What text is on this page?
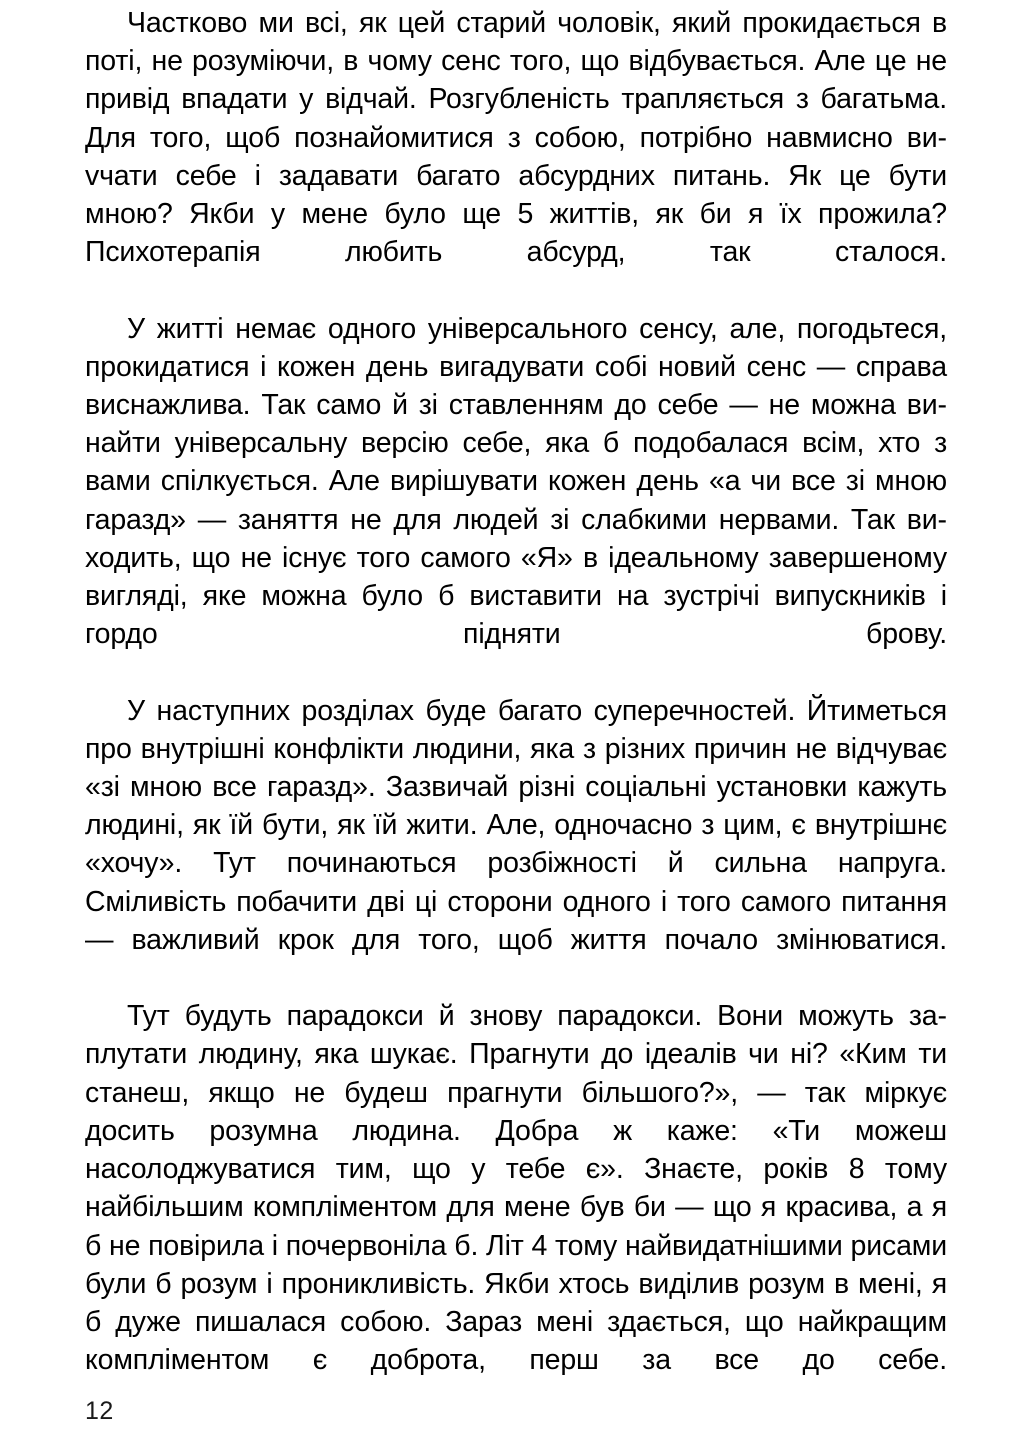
Частково ми всі, як цей старий чоловік, який прокидається в поті, не розуміючи, в чому сенс того, що відбувається. Але це не привід впадати у відчай. Розгубленість трапляється з багатьма. Для того, щоб познайомитися з собою, потрібно навмисно виvчати себе і задавати багато абсурдних питань. Як це бути мною? Якби у мене було ще 5 життів, як би я їх прожила? Психотерапія любить абсурд, так сталося.

У житті немає одного універсального сенсу, але, погодьтеся, прокидатися і кожен день вигадувати собі новий сенс — справа виснажлива. Так само й зі ставленням до себе — не можна винайти універсальну версію себе, яка б подобалася всім, хто з вами спілкується. Але вирішувати кожен день «а чи все зі мною гаразд» — заняття не для людей зі слабкими нервами. Так виходить, що не існує того самого «Я» в ідеальному завершеному вигляді, яке можна було б виставити на зустрічі випускників і гордо підняти брову.

У наступних розділах буде багато суперечностей. Йтиметься про внутрішні конфлікти людини, яка з різних причин не відчуває «зі мною все гаразд». Зазвичай різні соціальні установки кажуть людині, як їй бути, як їй жити. Але, одночасно з цим, є внутрішнє «хочу». Тут починаються розбіжності й сильна напруга. Сміливість побачити дві ці сторони одного і того самого питання — важливий крок для того, щоб життя почало змінюватися.

Тут будуть парадокси й знову парадокси. Вони можуть заплутати людину, яка шукає. Прагнути до ідеалів чи ні? «Ким ти станеш, якщо не будеш прагнути більшого?», — так міркує досить розумна людина. Добра ж каже: «Ти можеш насолоджуватися тим, що у тебе є». Знаєте, років 8 тому найбільшим компліментом для мене був би — що я красива, а я б не повірила і почервоніла б. Літ 4 тому найвидатнішими рисами були б розум і проникливість. Якби хтось виділив розум в мені, я б дуже пишалася собою. Зараз мені здається, що найкращим компліментом є доброта, перш за все до себе.

12
